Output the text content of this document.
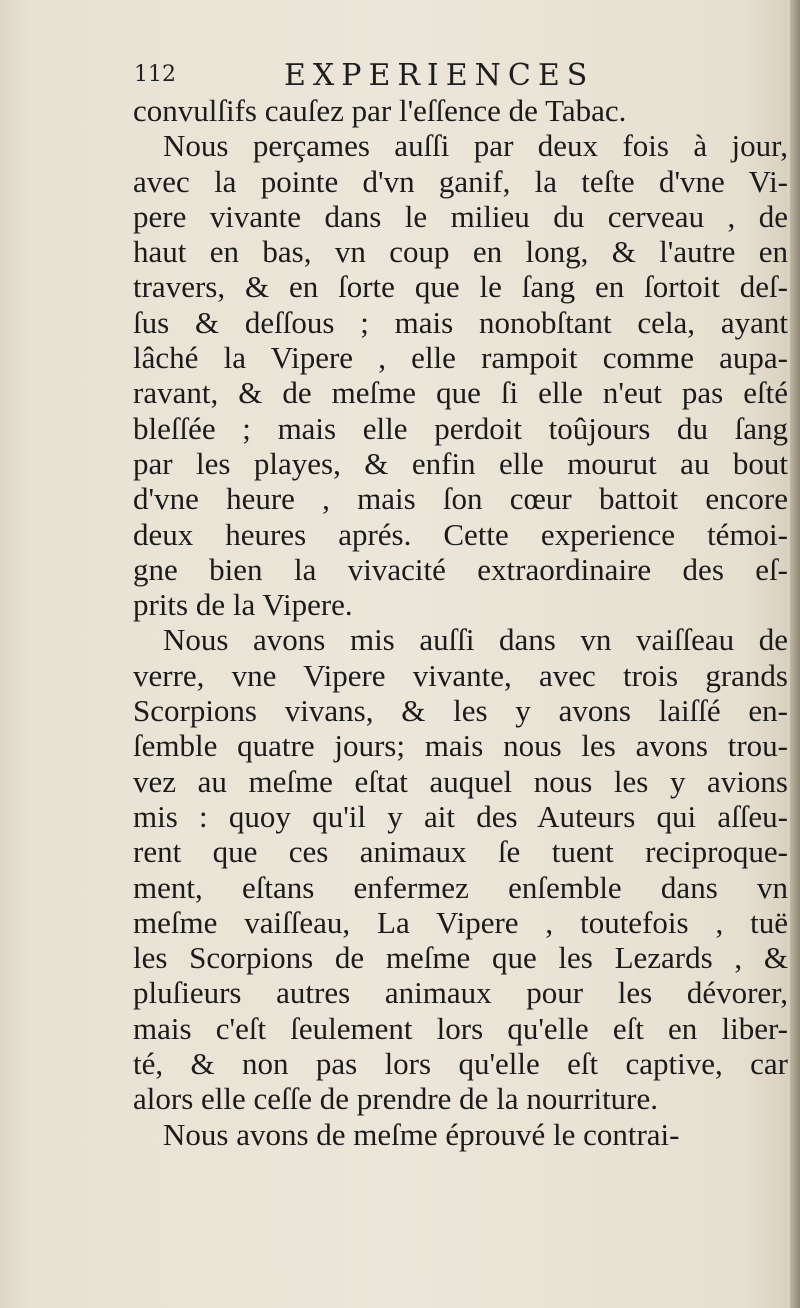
112	EXPERIENCES
convulſifs cauſez par l'eſſence de Tabac.
Nous perçames auſſi par deux fois à jour,
avec la pointe d'vn ganif, la teſte d'vne Vi-
pere vivante dans le milieu du cerveau , de
haut en bas, vn coup en long, & l'autre en
travers, & en ſorte que le ſang en ſortoit deſ-
ſus & deſſous ; mais nonobſtant cela, ayant
lâché la Vipere , elle rampoit comme aupa-
ravant, & de meſme que ſi elle n'eut pas eſté
bleſſée ; mais elle perdoit toûjours du ſang
par les playes, & enfin elle mourut au bout
d'vne heure , mais ſon cœur battoit encore
deux heures aprés. Cette experience témoi-
gne bien la vivacité extraordinaire des eſ-
prits de la Vipere.
Nous avons mis auſſi dans vn vaiſſeau de
verre, vne Vipere vivante, avec trois grands
Scorpions vivans, & les y avons laiſſé en-
ſemble quatre jours; mais nous les avons trou-
vez au meſme eſtat auquel nous les y avions
mis : quoy qu'il y ait des Auteurs qui aſſeu-
rent que ces animaux ſe tuent reciproque-
ment, eſtans enfermez enſemble dans vn
meſme vaiſſeau, La Vipere , toutefois , tuë
les Scorpions de meſme que les Lezards , &
pluſieurs autres animaux pour les dévorer,
mais c'eſt ſeulement lors qu'elle eſt en liber-
té, & non pas lors qu'elle eſt captive, car
alors elle ceſſe de prendre de la nourriture.
Nous avons de meſme éprouvé le contrai-
